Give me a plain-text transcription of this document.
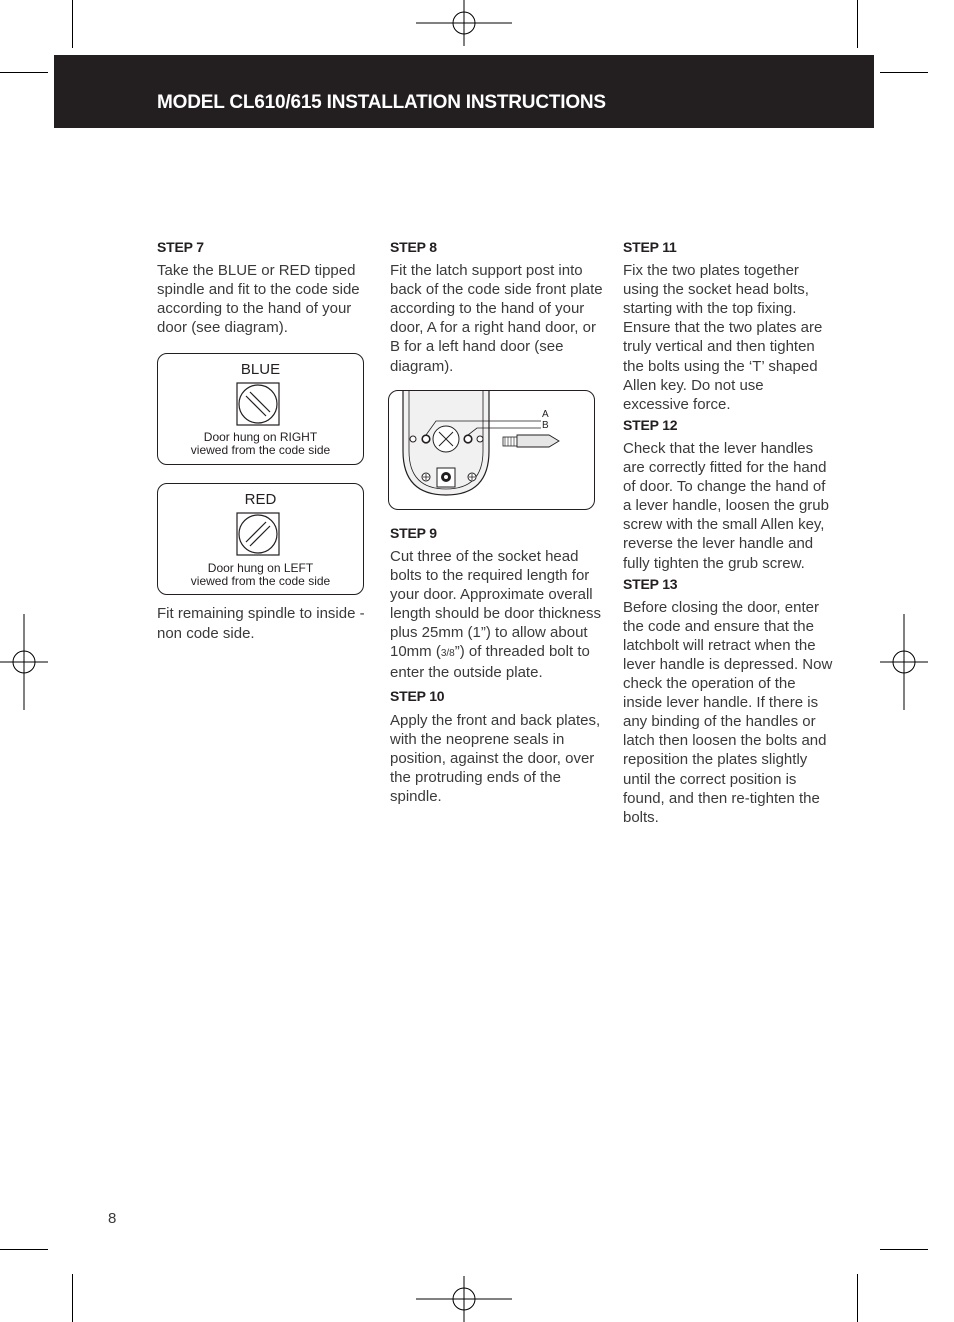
MODEL CL610/615 INSTALLATION INSTRUCTIONS
STEP 7

Take the BLUE or RED tipped spindle and fit to the code side according to the hand of your door (see diagram).

BLUE
Door hung on RIGHT
viewed from the code side
RED
Door hung on LEFT
viewed from the code side

Fit remaining spindle to inside - non code side.

STEP 8

Fit the latch support post into back of the code side front plate according to the hand of your door, A for a right hand door, or B for a left hand door (see diagram).

A
B
STEP 9

Cut three of the socket head bolts to the required length for your door. Approximate overall length should be door thickness plus 25mm (1”) to allow about 10mm (3/8”) of threaded bolt to enter the outside plate.

STEP 10

Apply the front and back plates, with the neoprene seals in position, against the door, over the protruding ends of the spindle.

STEP 11

Fix the two plates together using the socket head bolts, starting with the top fixing. Ensure that the two plates are truly vertical and then tighten the bolts using the ‘T’ shaped Allen key. Do not use excessive force.

STEP 12

Check that the lever handles are correctly fitted for the hand of door. To change the hand of a lever handle, loosen the grub screw with the small Allen key, reverse the lever handle and fully tighten the grub screw.

STEP 13

Before closing the door, enter the code and ensure that the latchbolt will retract when the lever handle is depressed. Now check the operation of the inside lever handle. If there is any binding of the handles or latch then loosen the bolts and reposition the plates slightly until the correct position is found, and then re-tighten the bolts.

8
